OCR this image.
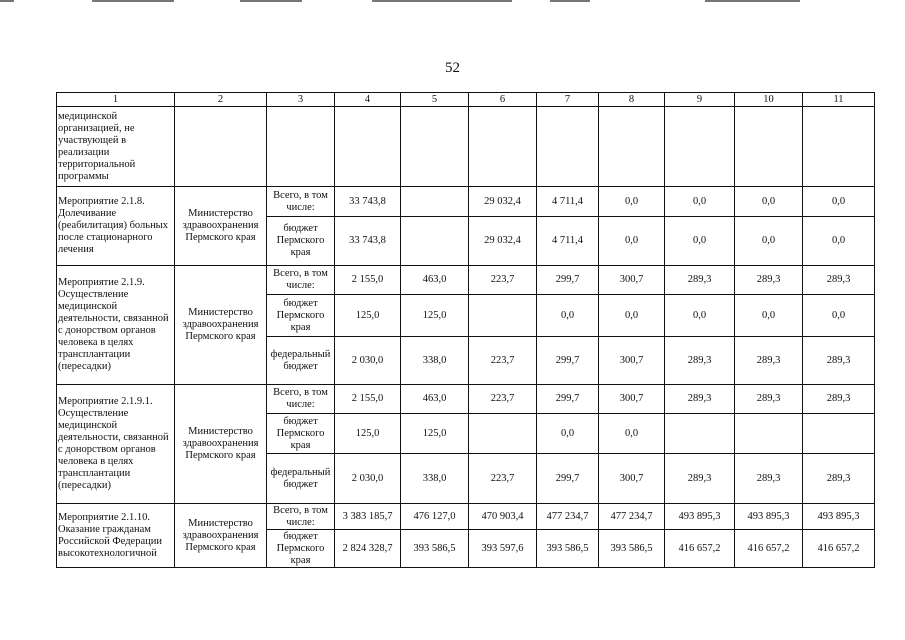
52
1	2	3	4	5	6	7	8	9	10	11
медицинской организацией, не участвующей в реализации территориальной программы										
Мероприятие 2.1.8. Долечивание (реабилитация) больных после стационарного лечения	Министерство здравоохранения Пермского края	Всего, в том числе:	33 743,8		29 032,4	4 711,4	0,0	0,0	0,0	0,0
		бюджет Пермского края	33 743,8		29 032,4	4 711,4	0,0	0,0	0,0	0,0
Мероприятие 2.1.9. Осуществление медицинской деятельности, связанной с донорством органов человека в целях трансплантации (пересадки)	Министерство здравоохранения Пермского края	Всего, в том числе:	2 155,0	463,0	223,7	299,7	300,7	289,3	289,3	289,3
		бюджет Пермского края	125,0	125,0		0,0	0,0	0,0	0,0	0,0
		федеральный бюджет	2 030,0	338,0	223,7	299,7	300,7	289,3	289,3	289,3
Мероприятие 2.1.9.1. Осуществление медицинской деятельности, связанной с донорством органов человека в целях трансплантации (пересадки)	Министерство здравоохранения Пермского края	Всего, в том числе:	2 155,0	463,0	223,7	299,7	300,7	289,3	289,3	289,3
		бюджет Пермского края	125,0	125,0		0,0	0,0			
		федеральный бюджет	2 030,0	338,0	223,7	299,7	300,7	289,3	289,3	289,3
Мероприятие 2.1.10. Оказание гражданам Российской Федерации высокотехнологичной	Министерство здравоохранения Пермского края	Всего, в том числе:	3 383 185,7	476 127,0	470 903,4	477 234,7	477 234,7	493 895,3	493 895,3	493 895,3
		бюджет Пермского края	2 824 328,7	393 586,5	393 597,6	393 586,5	393 586,5	416 657,2	416 657,2	416 657,2
